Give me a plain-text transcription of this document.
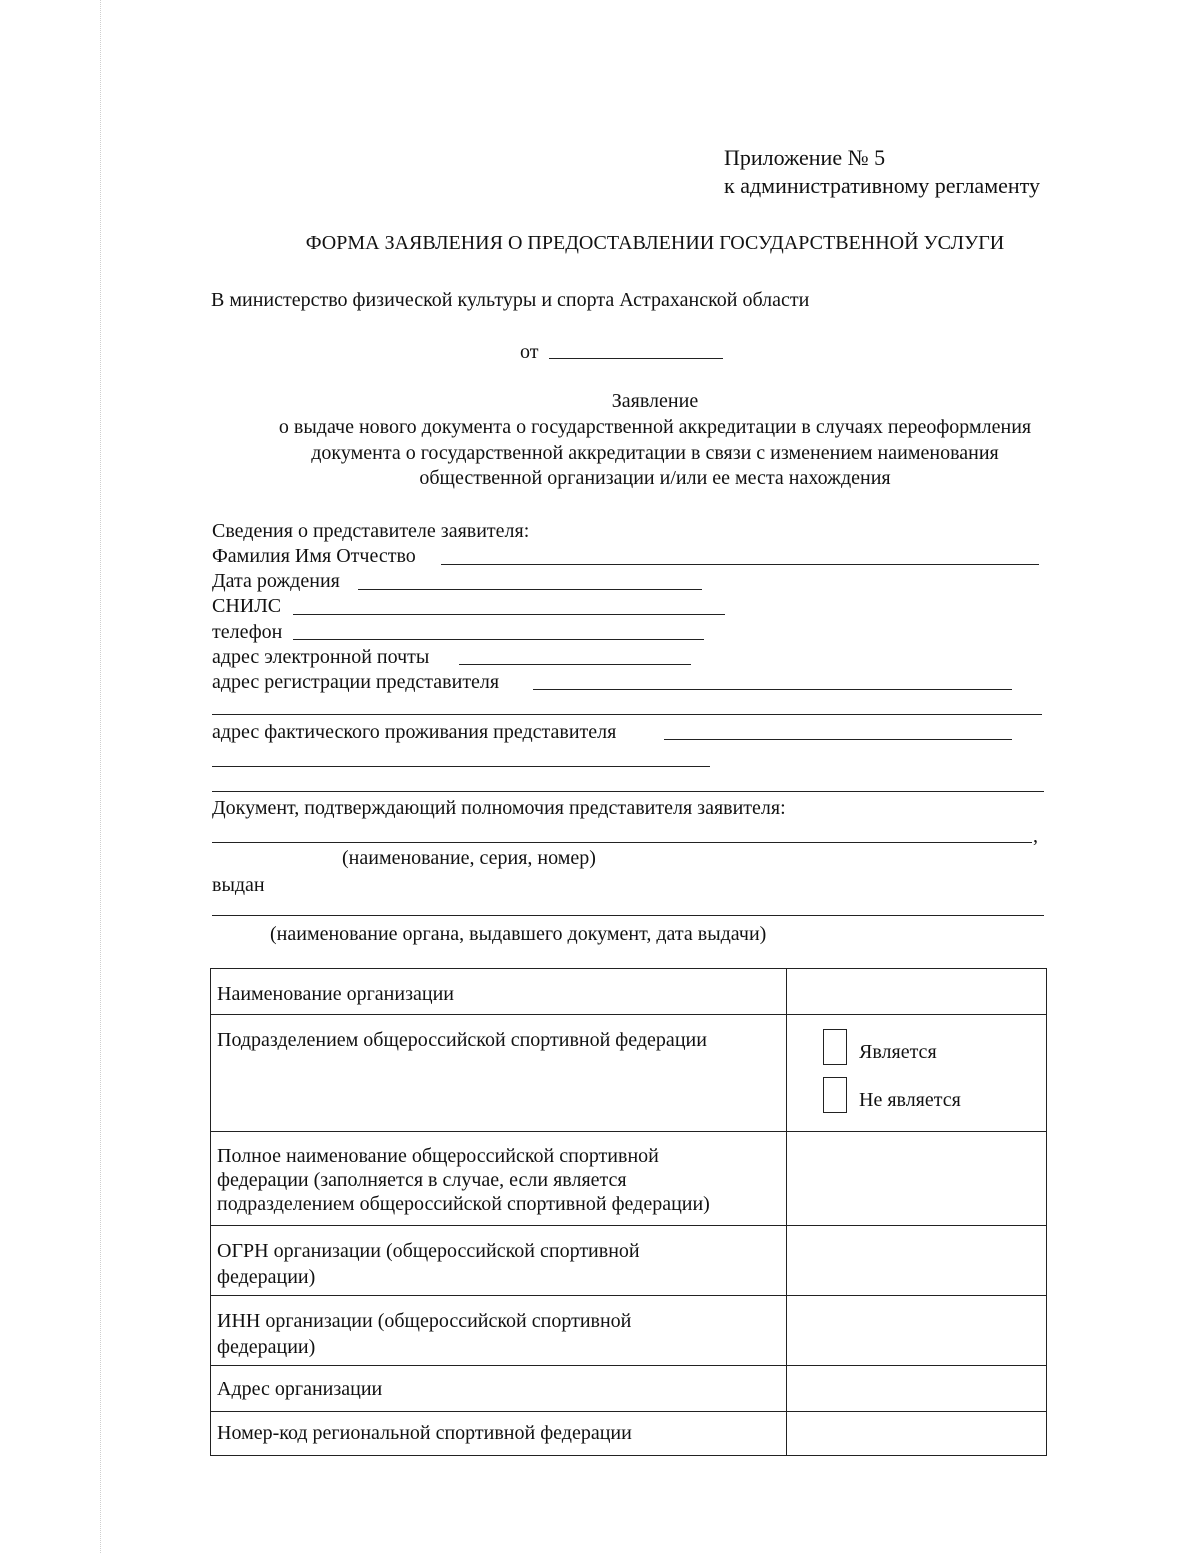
Приложение № 5
к административному регламенту
ФОРМА ЗАЯВЛЕНИЯ О ПРЕДОСТАВЛЕНИИ ГОСУДАРСТВЕННОЙ УСЛУГИ
В министерство физической культуры и спорта Астраханской области
от
Заявление
о выдаче нового документа о государственной аккредитации в случаях переоформления
документа о государственной аккредитации в связи с изменением наименования
общественной организации и/или ее места нахождения
Сведения о представителе заявителя:
Фамилия Имя Отчество
Дата рождения
СНИЛС
телефон
адрес электронной почты
адрес регистрации представителя
адрес фактического проживания представителя
Документ, подтверждающий полномочия представителя заявителя:
,
(наименование, серия, номер)
выдан
(наименование органа, выдавшего документ, дата выдачи)
Наименование организации	
Подразделением общероссийской спортивной федерации	Является
Не является

Полное наименование общероссийской спортивной
федерации (заполняется в случае, если является
подразделением общероссийской спортивной федерации)	

ОГРН организации (общероссийской спортивной
федерации)	

ИНН организации (общероссийской спортивной
федерации)	

Адрес организации	
Номер-код региональной спортивной федерации	
